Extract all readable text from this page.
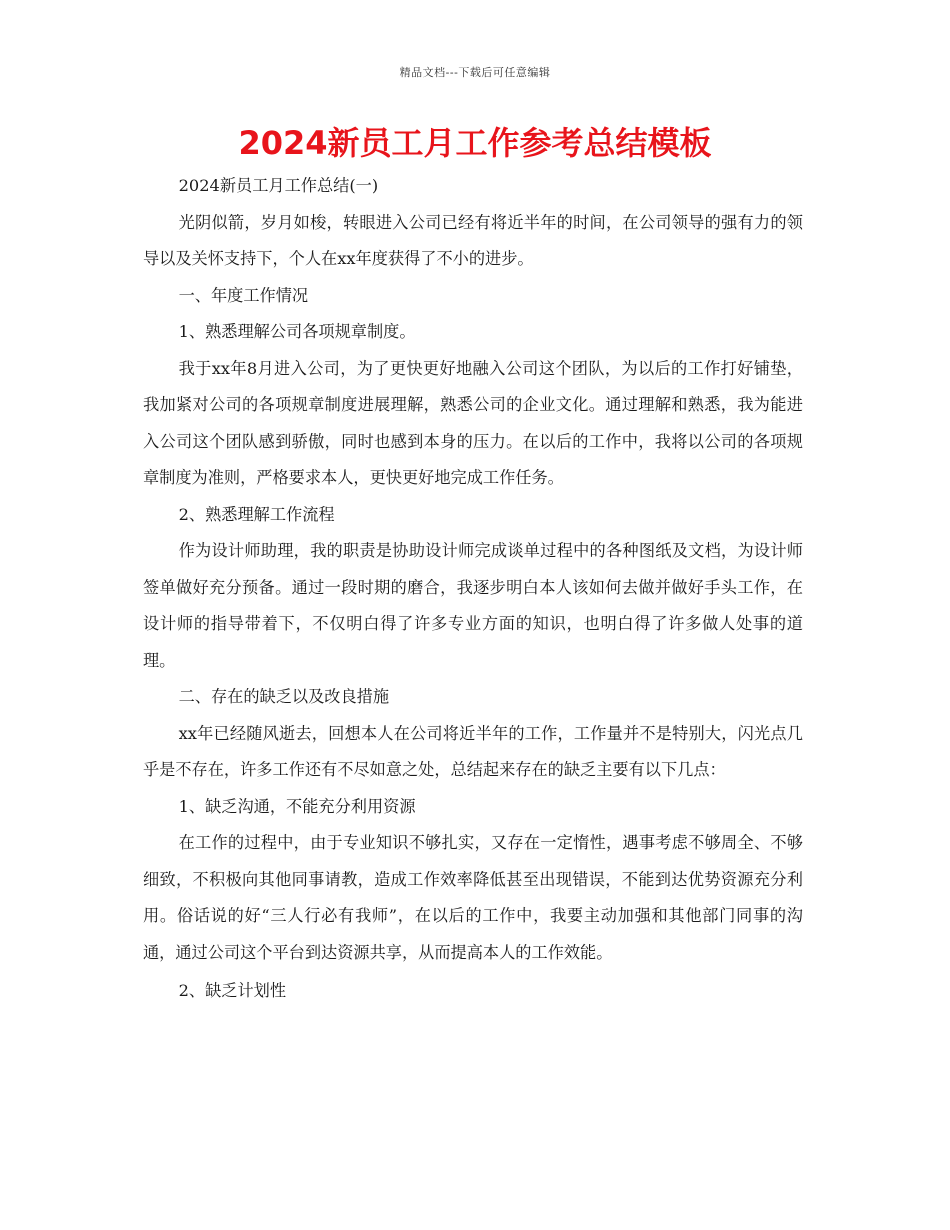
精品文档---下载后可任意编辑
2024新员工月工作参考总结模板

2024新员工月工作总结(一)

光阴似箭，岁月如梭，转眼进入公司已经有将近半年的时间，在公司领导的强有力的领导以及关怀支持下，个人在xx年度获得了不小的进步。

一、年度工作情况

1、熟悉理解公司各项规章制度。

我于xx年8月进入公司，为了更快更好地融入公司这个团队，为以后的工作打好铺垫，我加紧对公司的各项规章制度进展理解，熟悉公司的企业文化。通过理解和熟悉，我为能进入公司这个团队感到骄傲，同时也感到本身的压力。在以后的工作中，我将以公司的各项规章制度为准则，严格要求本人，更快更好地完成工作任务。

2、熟悉理解工作流程

作为设计师助理，我的职责是协助设计师完成谈单过程中的各种图纸及文档，为设计师签单做好充分预备。通过一段时期的磨合，我逐步明白本人该如何去做并做好手头工作，在设计师的指导带着下，不仅明白得了许多专业方面的知识，也明白得了许多做人处事的道理。

二、存在的缺乏以及改良措施

xx年已经随风逝去，回想本人在公司将近半年的工作，工作量并不是特别大，闪光点几乎是不存在，许多工作还有不尽如意之处，总结起来存在的缺乏主要有以下几点：

1、缺乏沟通，不能充分利用资源

在工作的过程中，由于专业知识不够扎实，又存在一定惰性，遇事考虑不够周全、不够细致，不积极向其他同事请教，造成工作效率降低甚至出现错误，不能到达优势资源充分利用。俗话说的好“三人行必有我师”，在以后的工作中，我要主动加强和其他部门同事的沟通，通过公司这个平台到达资源共享，从而提高本人的工作效能。

2、缺乏计划性
